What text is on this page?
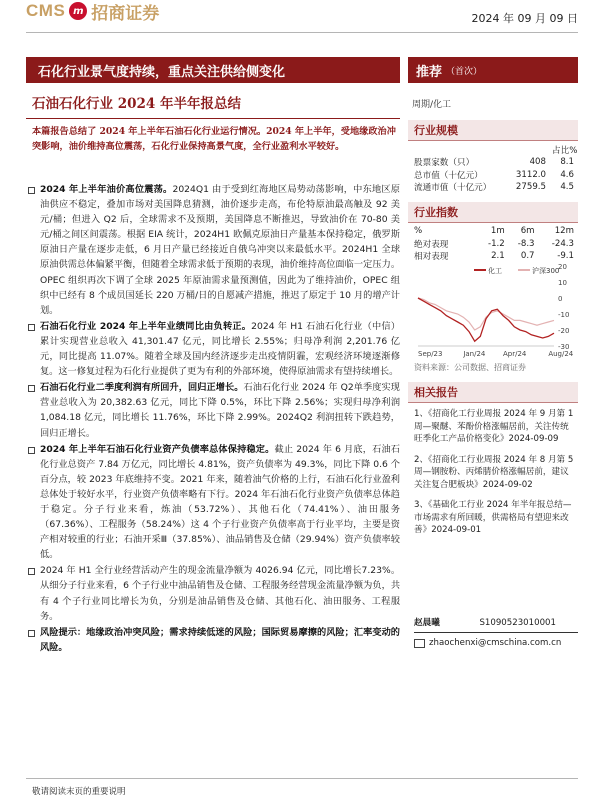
CMS m 招商证券	2024 年 09 月 09 日
石化行业景气度持续，重点关注供给侧变化	推荐 （首次）
石油石化行业 2024 年半年报总结	周期/化工
本篇报告总结了 2024 年上半年石油石化行业运行情况。2024 年上半年，受地缘政治冲突影响，油价维持高位震荡，石化行业保持高景气度，全行业盈利水平较好。

2024 年上半年油价高位震荡。2024Q1 由于受到红海地区局势动荡影响，中东地区原油供应不稳定，叠加市场对美国降息猜测，油价逐步走高，布伦特原油最高触及 92 美元/桶；但进入 Q2 后，全球需求不及预期，美国降息不断推迟，导致油价在 70-80 美元/桶之间区间震荡。根据 EIA 统计，2024H1 欧佩克原油日产量基本保持稳定，俄罗斯原油日产量在逐步走低，6 月日产量已经接近自俄乌冲突以来最低水平。2024H1 全球原油供需总体偏紧平衡，但随着全球需求低于预期的表现，油价维持高位面临一定压力。OPEC 组织再次下调了全球 2025 年原油需求量预测值，因此为了维持油价，OPEC 组织中已经有 8 个成员国延长 220 万桶/日的自愿减产措施，推迟了原定于 10 月的增产计划。

石油石化行业 2024 年上半年业绩同比由负转正。2024 年 H1 石油石化行业（中信）累计实现营业总收入 41,301.47 亿元，同比增长 2.55%；归母净利润 2,201.76 亿元，同比提高 11.07%。随着全球及国内经济逐步走出疫情阴霾，宏观经济环境逐渐修复。这一修复过程为石化行业提供了更为有利的外部环境，使得原油需求有望持续增长。

石油石化行业二季度利润有所回升，回归正增长。石油石化行业 2024 年 Q2单季度实现营业总收入为 20,382.63 亿元，同比下降 0.5%，环比下降 2.56%；实现归母净利润 1,084.18 亿元，同比增长 11.76%，环比下降 2.99%。2024Q2 利润扭转下跌趋势，回归正增长。

2024 年上半年石油石化行业资产负债率总体保持稳定。截止 2024 年 6 月底，石油石化行业总资产 7.84 万亿元，同比增长 4.81%，资产负债率为 49.3%，同比下降 0.6 个百分点，较 2023 年底维持不变。2021 年来，随着油气价格的上行，石油石化行业盈利总体处于较好水平，行业资产负债率略有下行。2024 年石油石化行业资产负债率总体趋于稳定。分子行业来看，炼油（53.72%）、其他石化（74.41%）、油田服务（67.36%）、工程服务（58.24%）这 4 个子行业资产负债率高于行业平均，主要是资产相对较重的行业；石油开采Ⅲ（37.85%）、油品销售及仓储（29.94%）资产负债率较低。

2024 年 H1 全行业经营活动产生的现金流量净额为 4026.94 亿元，同比增长7.23%。从细分子行业来看，6 个子行业中油品销售及仓储、工程服务经营现金流量净额为负，共有 4 个子行业同比增长为负，分别是油品销售及仓储、其他石化、油田服务、工程服务。

风险提示：地缘政治冲突风险；需求持续低迷的风险；国际贸易摩擦的风险；汇率变动的风险。

行业规模
占比%
股票家数（只）	408	8.1
总市值（十亿元）	3112.0	4.6
流通市值（十亿元）	2759.5	4.5
行业指数
%	1m	6m	12m
绝对表现	-1.2	-8.3	-24.3
相对表现	2.1	0.7	-9.1
20
10
0
-10
-20
-30
Sep/23	Jan/24	Apr/24	Aug/24
化工	沪深300
资料来源：公司数据、招商证券
相关报告
1、《招商化工行业周报 2024 年 9 月第 1 周—聚醚、苯酚价格涨幅居前，关注传统旺季化工产品价格变化》2024-09-09
2、《招商化工行业周报 2024 年 8 月第 5 周—钢胺粉、丙烯腈价格涨幅居前，建议关注复合肥板块》2024-09-02
3、《基础化工行业 2024 年半年报总结—市场需求有所回暖，供需格局有望迎来改善》2024-09-01
赵晨曦	S1090523010001
zhaochenxi@cmschina.com.cn
敬请阅读末页的重要说明
